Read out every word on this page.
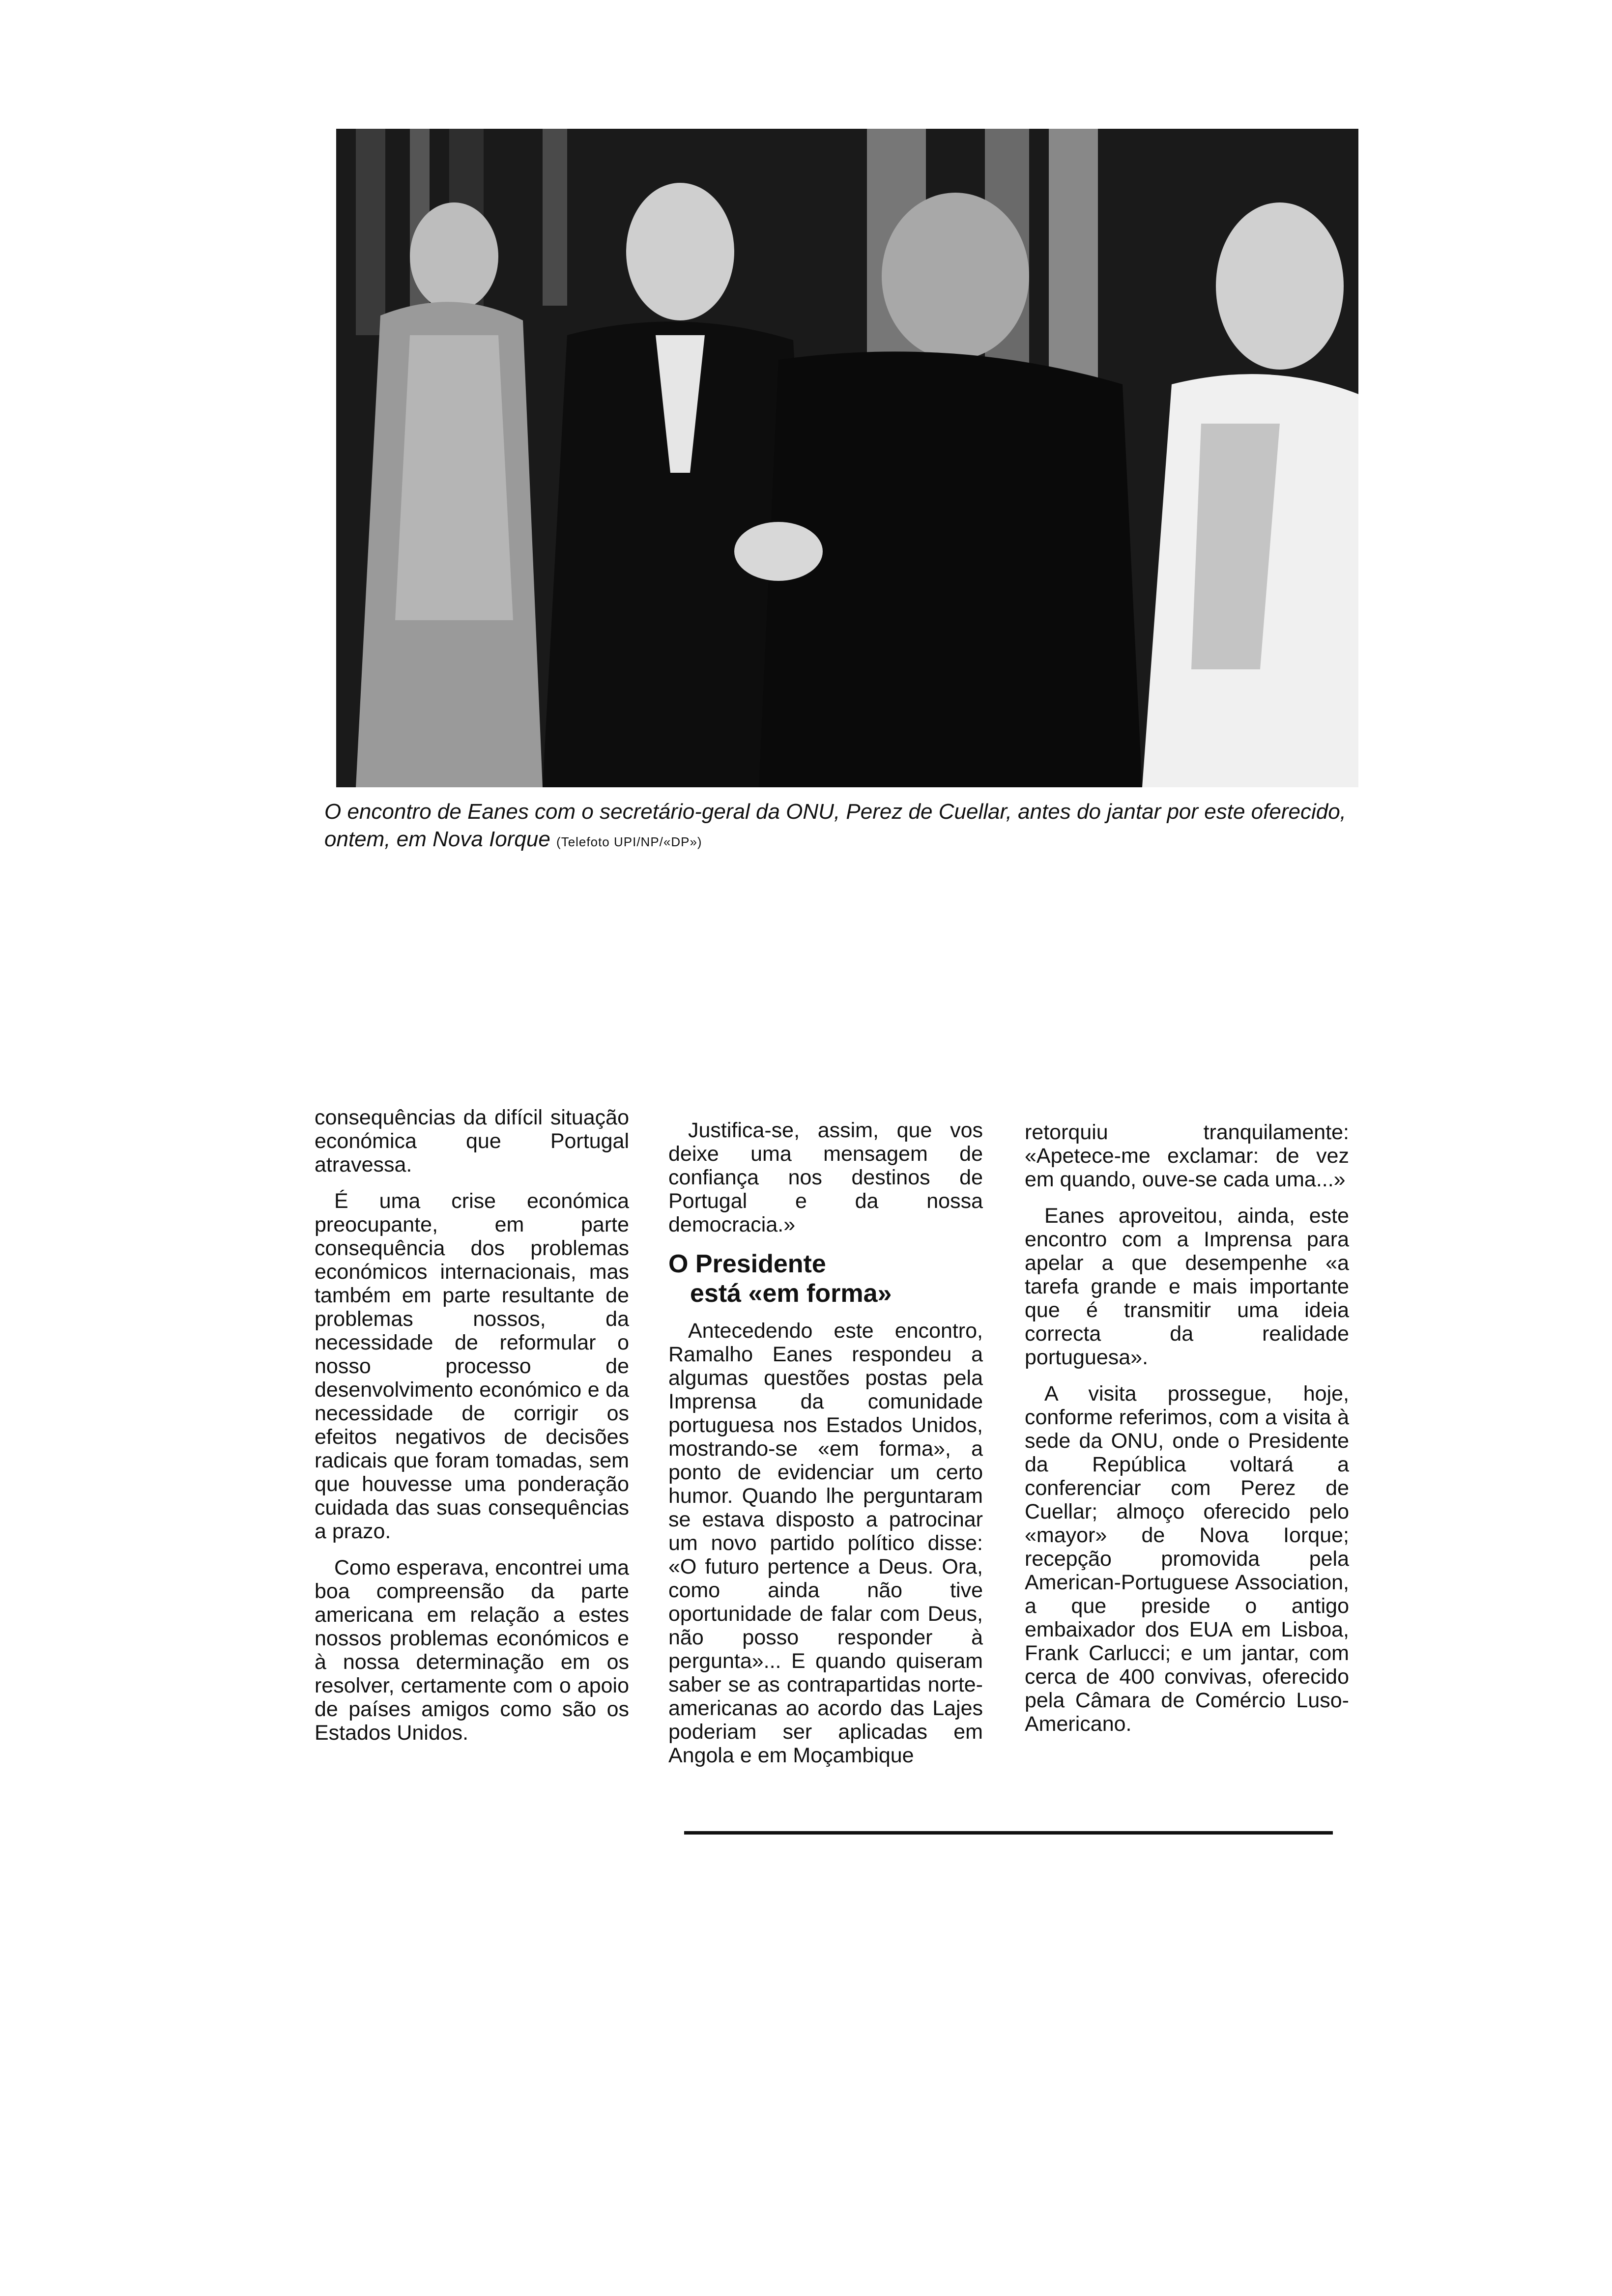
O encontro de Eanes com o secretário-geral da ONU, Perez de Cuellar, antes do jantar por este oferecido, ontem, em Nova Iorque (Telefoto UPI/NP/«DP»)

consequências da difícil situação económica que Portugal atravessa.

É uma crise económica preocupante, em parte consequência dos problemas económicos internacionais, mas também em parte resultante de problemas nossos, da necessidade de reformular o nosso processo de desenvolvimento económico e da necessidade de corrigir os efeitos negativos de decisões radicais que foram tomadas, sem que houvesse uma ponderação cuidada das suas consequências a prazo.

Como esperava, encontrei uma boa compreensão da parte americana em relação a estes nossos problemas económicos e à nossa determinação em os resolver, certamente com o apoio de países amigos como são os Estados Unidos.

Justifica-se, assim, que vos deixe uma mensagem de confiança nos destinos de Portugal e da nossa democracia.»

O Presidente
está «em forma»

Antecedendo este encontro, Ramalho Eanes respondeu a algumas questões postas pela Imprensa da comunidade portuguesa nos Estados Unidos, mostrando-se «em forma», a ponto de evidenciar um certo humor. Quando lhe perguntaram se estava disposto a patrocinar um novo partido político disse: «O futuro pertence a Deus. Ora, como ainda não tive oportunidade de falar com Deus, não posso responder à pergunta»... E quando quiseram saber se as contrapartidas norte-americanas ao acordo das Lajes poderiam ser aplicadas em Angola e em Moçambique

retorquiu tranquilamente: «Apetece-me exclamar: de vez em quando, ouve-se cada uma...»

Eanes aproveitou, ainda, este encontro com a Imprensa para apelar a que desempenhe «a tarefa grande e mais importante que é transmitir uma ideia correcta da realidade portuguesa».

A visita prossegue, hoje, conforme referimos, com a visita à sede da ONU, onde o Presidente da República voltará a conferenciar com Perez de Cuellar; almoço oferecido pelo «mayor» de Nova Iorque; recepção promovida pela American-Portuguese Association, a que preside o antigo embaixador dos EUA em Lisboa, Frank Carlucci; e um jantar, com cerca de 400 convivas, oferecido pela Câmara de Comércio Luso-Americano.
